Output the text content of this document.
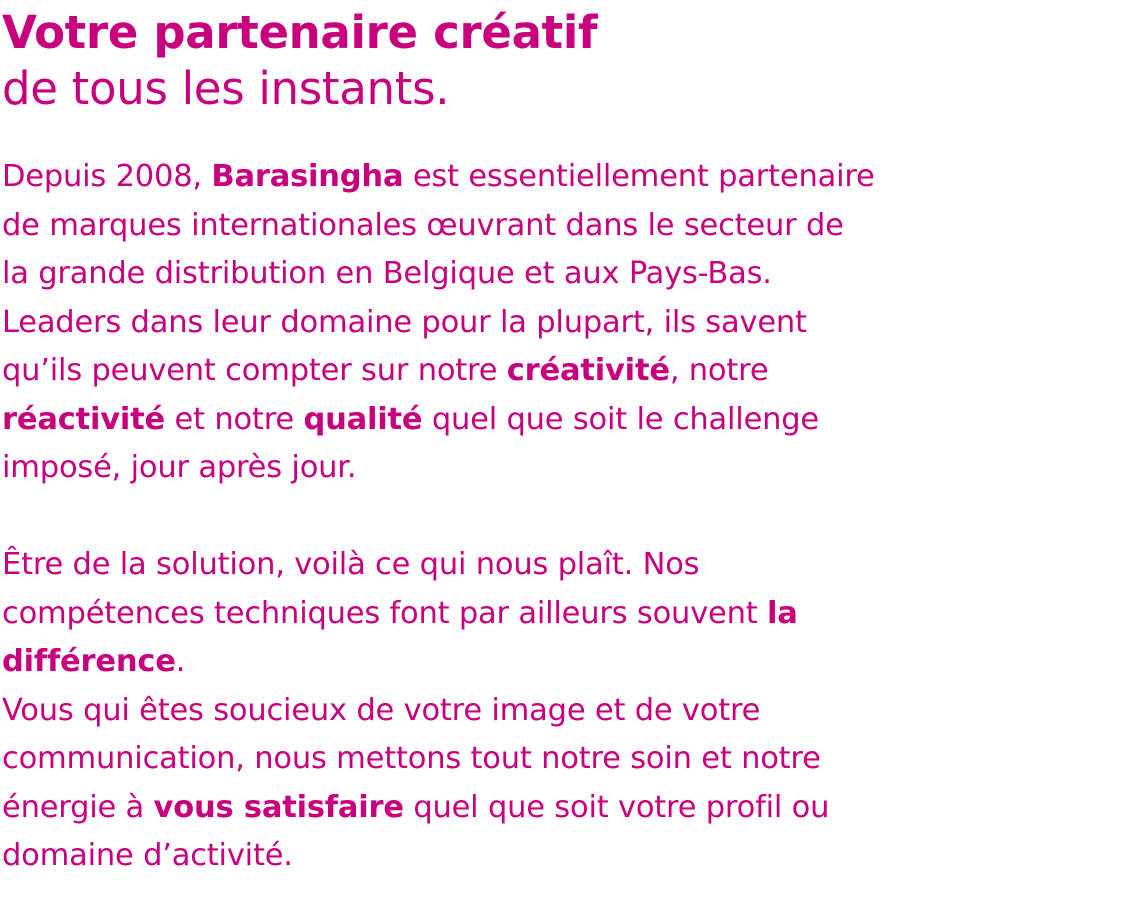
Votre partenaire créatif
de tous les instants.
Depuis 2008, Barasingha est essentiellement partenaire
de marques internationales œuvrant dans le secteur de
la grande distribution en Belgique et aux Pays-Bas.
Leaders dans leur domaine pour la plupart, ils savent
qu’ils peuvent compter sur notre créativité, notre
réactivité et notre qualité quel que soit le challenge
imposé, jour après jour.
Être de la solution, voilà ce qui nous plaît. Nos
compétences techniques font par ailleurs souvent la
différence.
Vous qui êtes soucieux de votre image et de votre
communication, nous mettons tout notre soin et notre
énergie à vous satisfaire quel que soit votre profil ou
domaine d’activité.
